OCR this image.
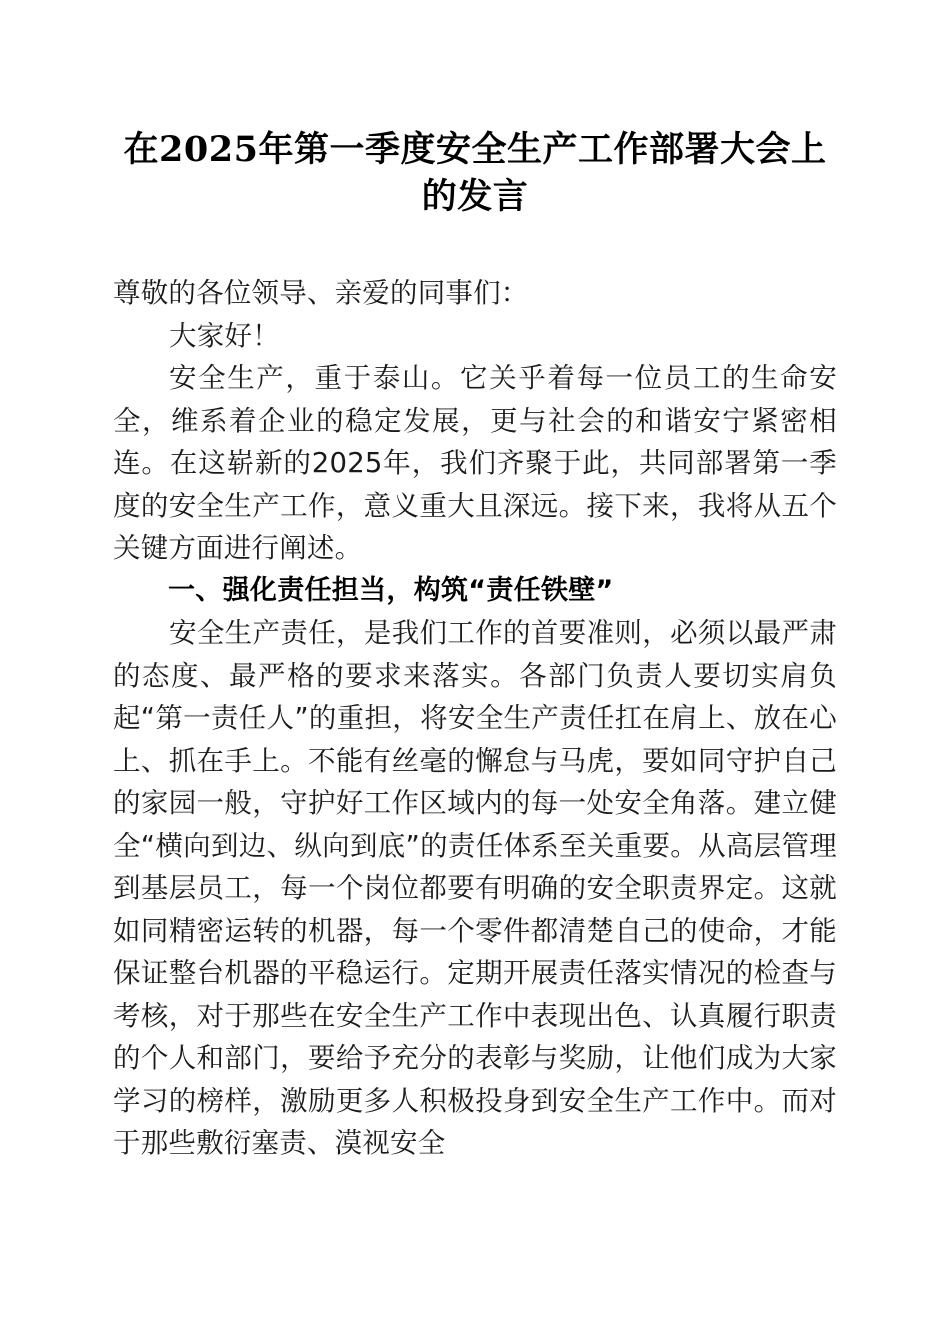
在2025年第一季度安全生产工作部署大会上的发言

尊敬的各位领导、亲爱的同事们：

大家好！

安全生产，重于泰山。它关乎着每一位员工的生命安全，维系着企业的稳定发展，更与社会的和谐安宁紧密相连。在这崭新的2025年，我们齐聚于此，共同部署第一季度的安全生产工作，意义重大且深远。接下来，我将从五个关键方面进行阐述。

一、强化责任担当，构筑“责任铁壁”

安全生产责任，是我们工作的首要准则，必须以最严肃的态度、最严格的要求来落实。各部门负责人要切实肩负起“第一责任人”的重担，将安全生产责任扛在肩上、放在心上、抓在手上。不能有丝毫的懈怠与马虎，要如同守护自己的家园一般，守护好工作区域内的每一处安全角落。建立健全“横向到边、纵向到底”的责任体系至关重要。从高层管理到基层员工，每一个岗位都要有明确的安全职责界定。这就如同精密运转的机器，每一个零件都清楚自己的使命，才能保证整台机器的平稳运行。定期开展责任落实情况的检查与考核，对于那些在安全生产工作中表现出色、认真履行职责的个人和部门，要给予充分的表彰与奖励，让他们成为大家学习的榜样，激励更多人积极投身到安全生产工作中。而对于那些敷衍塞责、漠视安全
